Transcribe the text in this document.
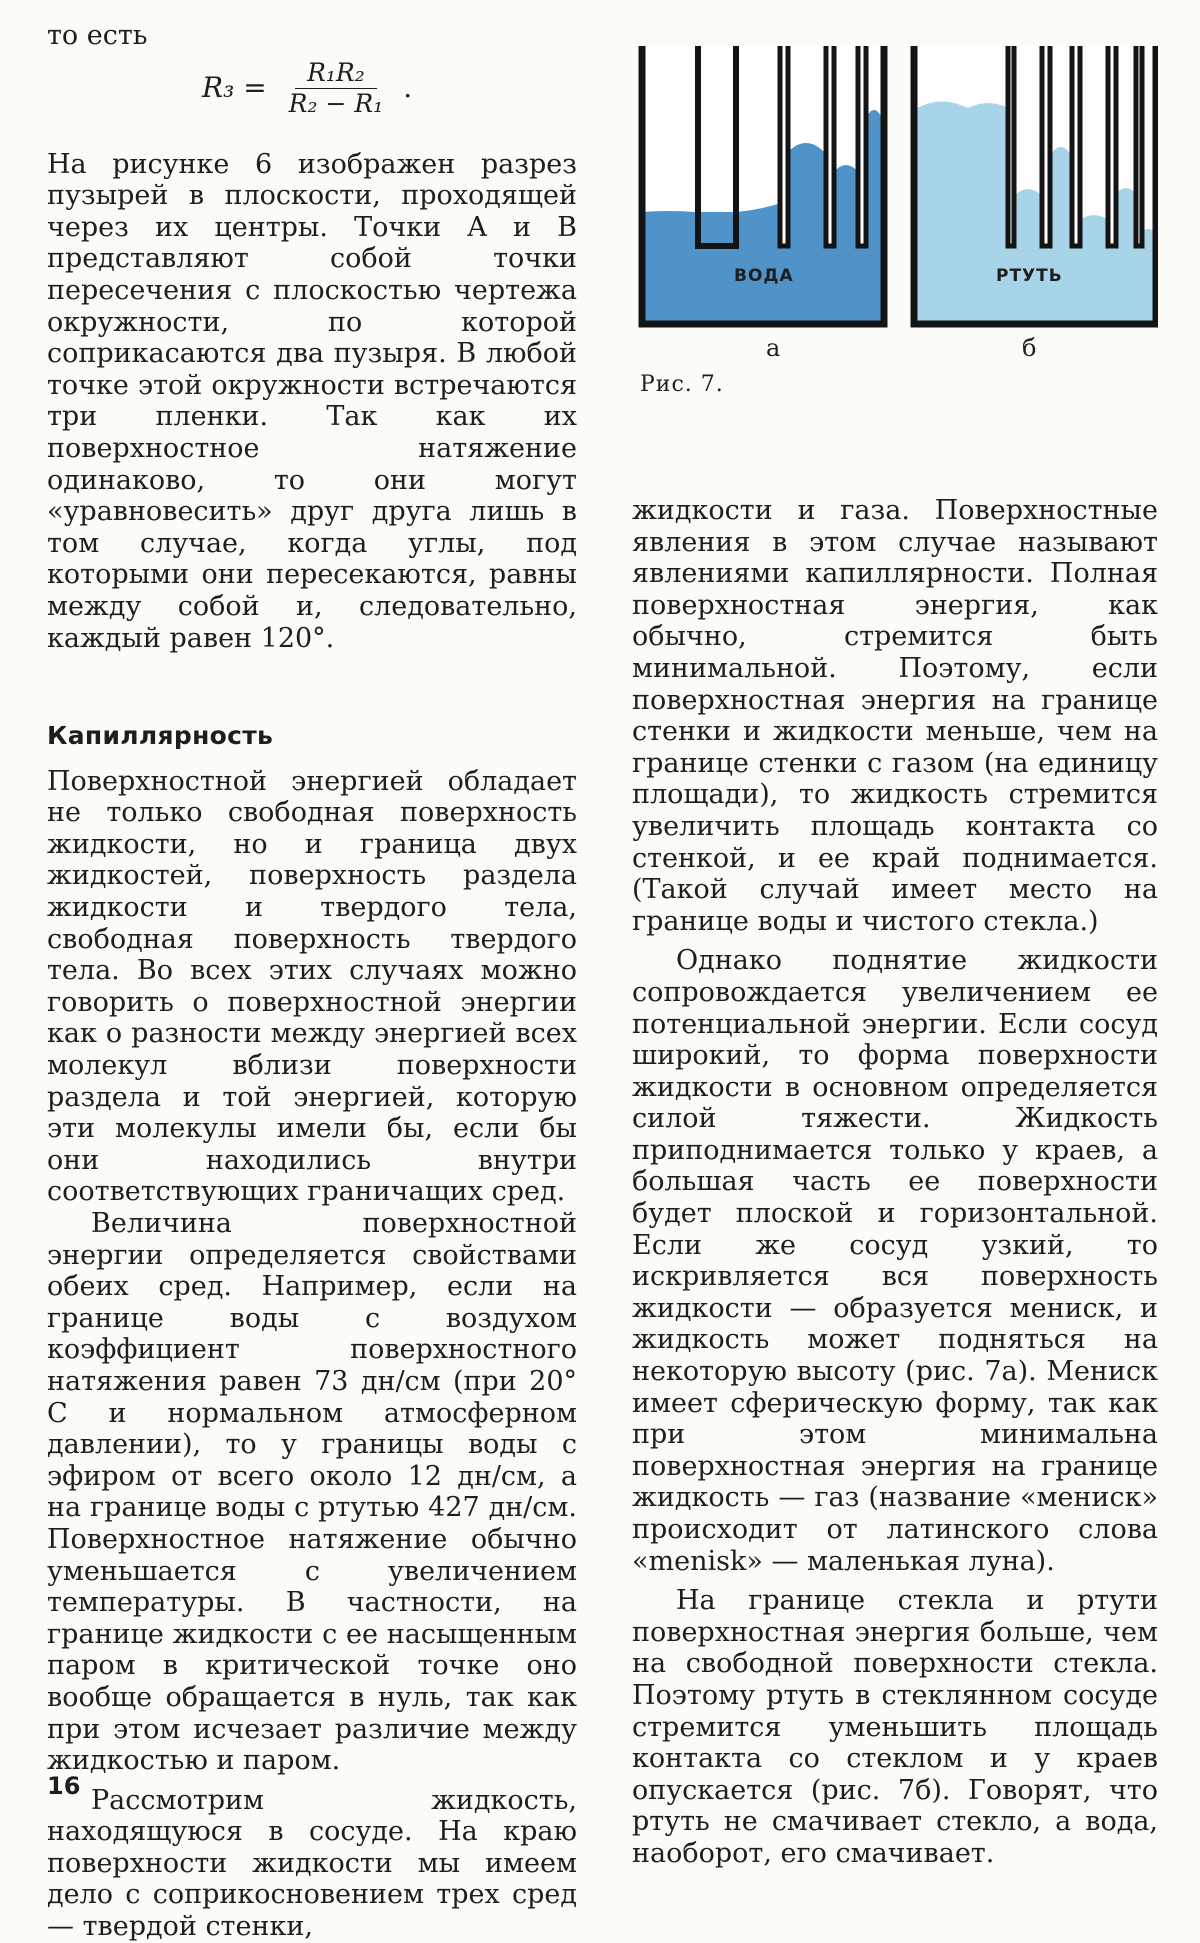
то есть

$R_3 = \frac{\text{R₁R₂}}{\text{R₂ − R₁}}$ .

На рисунке 6 изображен разрез пузырей в плоскости, проходящей через их центры. Точки A и B представляют собой точки пересечения с плоскостью чертежа окружности, по которой соприкасаются два пузыря. В любой точке этой окружности встречаются три пленки. Так как их поверхностное натяжение одинаково, то они могут «уравновесить» друг друга лишь в том случае, когда углы, под которыми они пересекаются, равны между собой и, следовательно, каждый равен 120°.

Капиллярность

Поверхностной энергией обладает не только свободная поверхность жидкости, но и граница двух жидкостей, поверхность раздела жидкости и твердого тела, свободная поверхность твердого тела. Во всех этих случаях можно говорить о поверхностной энергии как о разности между энергией всех молекул вблизи поверхности раздела и той энергией, которую эти молекулы имели бы, если бы они находились внутри соответствующих граничащих сред.

Величина поверхностной энергии определяется свойствами обеих сред. Например, если на границе воды с воздухом коэффициент поверхностного натяжения равен 73 дн/см (при 20° С и нормальном атмосферном давлении), то у границы воды с эфиром от всего около 12 дн/см, а на границе воды с ртутью 427 дн/см. Поверхностное натяжение обычно уменьшается с увеличением температуры. В частности, на границе жидкости с ее насыщенным паром в критической точке оно вообще обращается в нуль, так как при этом исчезает различие между жидкостью и паром.

Рассмотрим жидкость, находящуюся в сосуде. На краю поверхности жидкости мы имеем дело с соприкосновением трех сред — твердой стенки,

ВОДА	РТУТЬ
а	б
Рис. 7.

жидкости и газа. Поверхностные явления в этом случае называют явлениями капиллярности. Полная поверхностная энергия, как обычно, стремится быть минимальной. Поэтому, если поверхностная энергия на границе стенки и жидкости меньше, чем на границе стенки с газом (на единицу площади), то жидкость стремится увеличить площадь контакта со стенкой, и ее край поднимается. (Такой случай имеет место на границе воды и чистого стекла.)

Однако поднятие жидкости сопровождается увеличением ее потенциальной энергии. Если сосуд широкий, то форма поверхности жидкости в основном определяется силой тяжести. Жидкость приподнимается только у краев, а большая часть ее поверхности будет плоской и горизонтальной. Если же сосуд узкий, то искривляется вся поверхность жидкости — образуется мениск, и жидкость может подняться на некоторую высоту (рис. 7а). Мениск имеет сферическую форму, так как при этом минимальна поверхностная энергия на границе жидкость — газ (название «мениск» происходит от латинского слова «menisk» — маленькая луна).

На границе стекла и ртути поверхностная энергия больше, чем на свободной поверхности стекла. Поэтому ртуть в стеклянном сосуде стремится уменьшить площадь контакта со стеклом и у краев опускается (рис. 7б). Говорят, что ртуть не смачивает стекло, а вода, наоборот, его смачивает.

16
